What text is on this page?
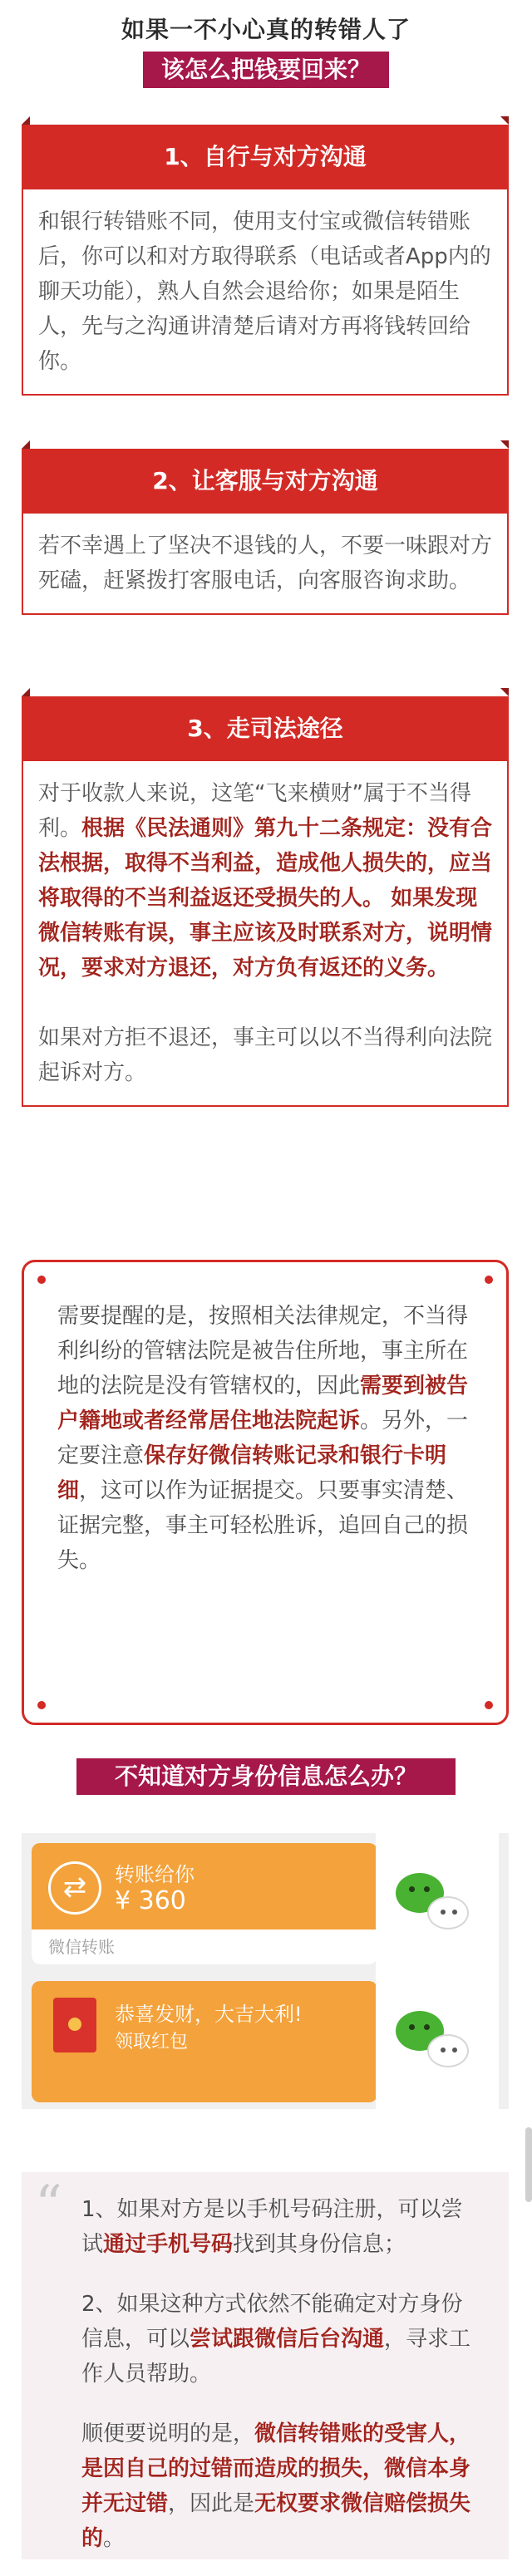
如果一不小心真的转错人了
该怎么把钱要回来？
1、自行与对方沟通
和银行转错账不同，使用支付宝或微信转错账后，你可以和对方取得联系（电话或者App内的聊天功能），熟人自然会退给你；如果是陌生人，先与之沟通讲清楚后请对方再将钱转回给你。
2、让客服与对方沟通
若不幸遇上了坚决不退钱的人，不要一味跟对方死磕，赶紧拨打客服电话，向客服咨询求助。
3、走司法途径

对于收款人来说，这笔“飞来横财”属于不当得利。根据《民法通则》第九十二条规定：没有合法根据，取得不当利益，造成他人损失的，应当将取得的不当利益返还受损失的人。 如果发现微信转账有误，事主应该及时联系对方，说明情况，要求对方退还，对方负有返还的义务。

如果对方拒不退还，事主可以以不当得利向法院起诉对方。

需要提醒的是，按照相关法律规定，不当得利纠纷的管辖法院是被告住所地，事主所在地的法院是没有管辖权的，因此需要到被告户籍地或者经常居住地法院起诉。另外，一定要注意保存好微信转账记录和银行卡明细，这可以作为证据提交。只要事实清楚、证据完整，事主可轻松胜诉，追回自己的损失。

不知道对方身份信息怎么办？
⇄	转账给你
¥ 360
微信转账
恭喜发财，大吉大利!
领取红包
“ 1、如果对方是以手机号码注册，可以尝试通过手机号码找到其身份信息；

2、如果这种方式依然不能确定对方身份信息，可以尝试跟微信后台沟通，寻求工作人员帮助。

顺便要说明的是，微信转错账的受害人，是因自己的过错而造成的损失，微信本身并无过错，因此是无权要求微信赔偿损失的。
